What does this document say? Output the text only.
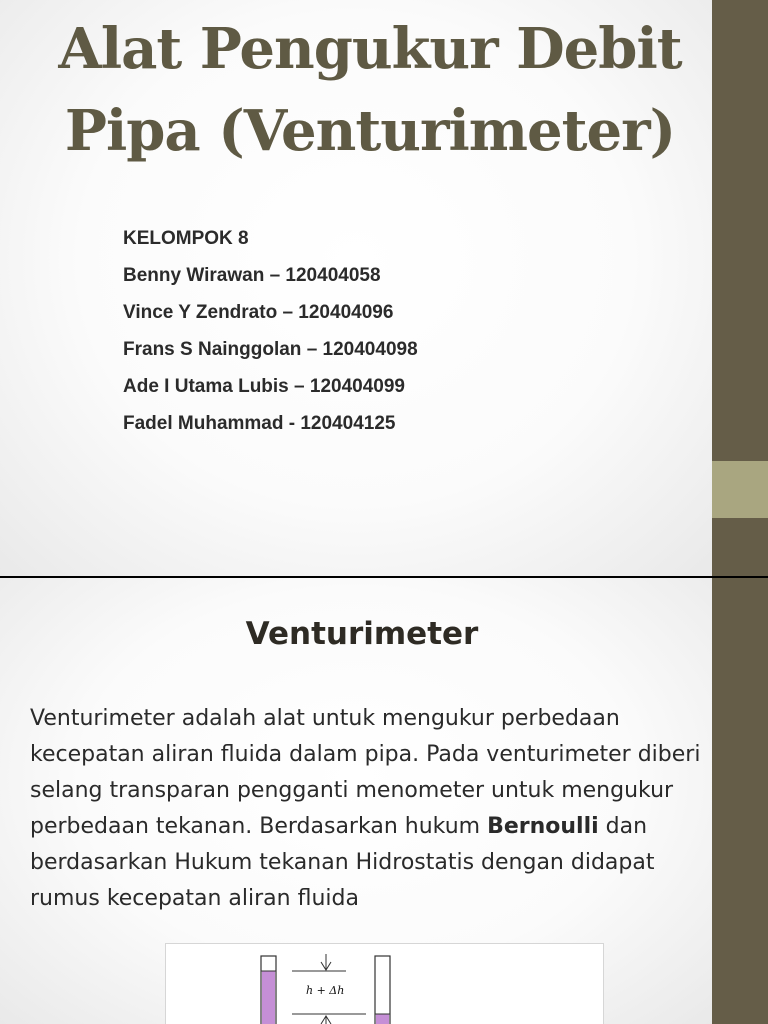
Alat Pengukur Debit
Pipa (Venturimeter)
KELOMPOK 8
Benny Wirawan – 120404058
Vince Y Zendrato – 120404096
Frans S Nainggolan – 120404098
Ade I Utama Lubis – 120404099
Fadel Muhammad - 120404125
Venturimeter

Venturimeter adalah alat untuk mengukur perbedaan kecepatan aliran fluida dalam pipa. Pada venturimeter diberi selang transparan pengganti menometer untuk mengukur perbedaan tekanan. Berdasarkan hukum Bernoulli dan berdasarkan Hukum tekanan Hidrostatis dengan didapat rumus kecepatan aliran fluida

h + Δh
